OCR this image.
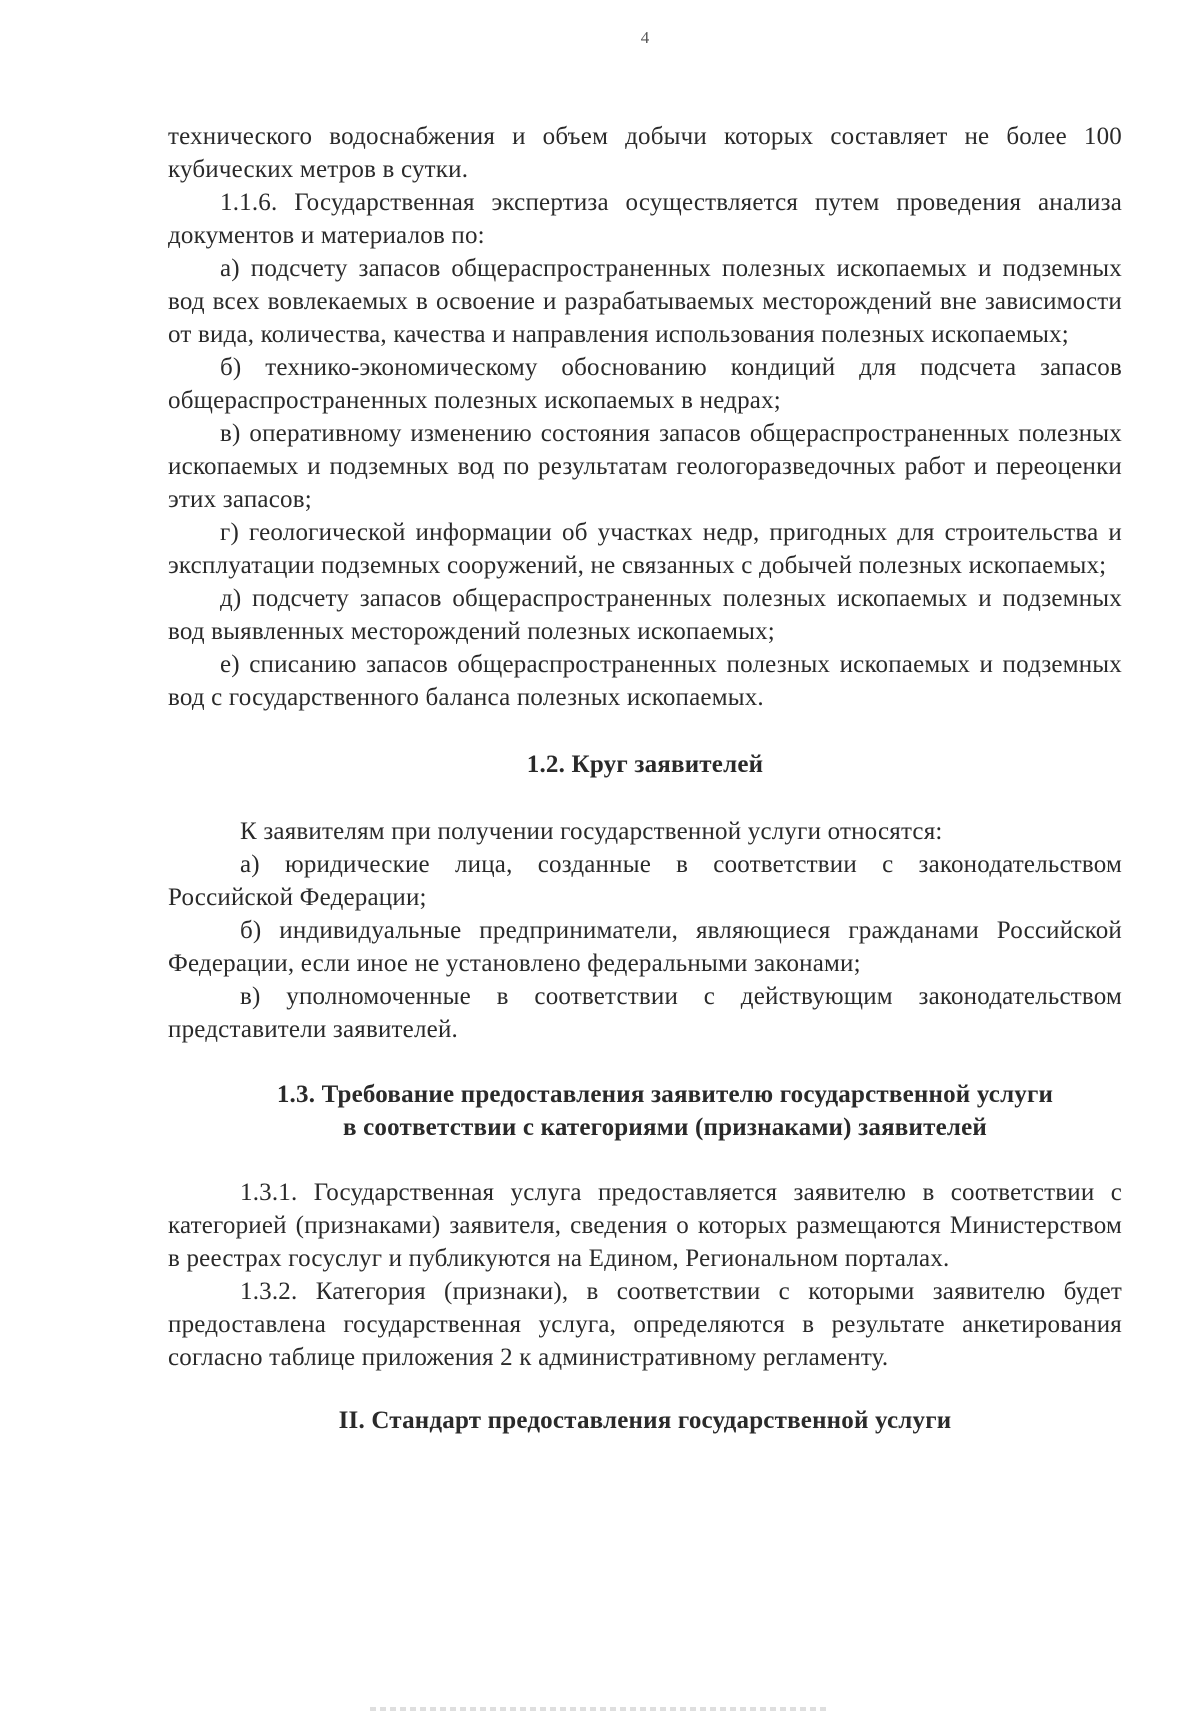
4

технического водоснабжения и объем добычи которых составляет не более 100 кубических метров в сутки.

1.1.6. Государственная экспертиза осуществляется путем проведения анализа документов и материалов по:

а) подсчету запасов общераспространенных полезных ископаемых и подземных вод всех вовлекаемых в освоение и разрабатываемых месторождений вне зависимости от вида, количества, качества и направления использования полезных ископаемых;

б) технико-экономическому обоснованию кондиций для подсчета запасов общераспространенных полезных ископаемых в недрах;

в) оперативному изменению состояния запасов общераспространенных полезных ископаемых и подземных вод по результатам геологоразведочных работ и переоценки этих запасов;

г) геологической информации об участках недр, пригодных для строительства и эксплуатации подземных сооружений, не связанных с добычей полезных ископаемых;

д) подсчету запасов общераспространенных полезных ископаемых и подземных вод выявленных месторождений полезных ископаемых;

е) списанию запасов общераспространенных полезных ископаемых и подземных вод с государственного баланса полезных ископаемых.

1.2. Круг заявителей

К заявителям при получении государственной услуги относятся:

а) юридические лица, созданные в соответствии с законодательством Российской Федерации;

б) индивидуальные предприниматели, являющиеся гражданами Российской Федерации, если иное не установлено федеральными законами;

в) уполномоченные в соответствии с действующим законодательством представители заявителей.

1.3. Требование предоставления заявителю государственной услуги
в соответствии с категориями (признаками) заявителей

1.3.1. Государственная услуга предоставляется заявителю в соответствии с категорией (признаками) заявителя, сведения о которых размещаются Министерством в реестрах госуслуг и публикуются на Едином, Региональном порталах.

1.3.2. Категория (признаки), в соответствии с которыми заявителю будет предоставлена государственная услуга, определяются в результате анкетирования согласно таблице приложения 2 к административному регламенту.

II. Стандарт предоставления государственной услуги
